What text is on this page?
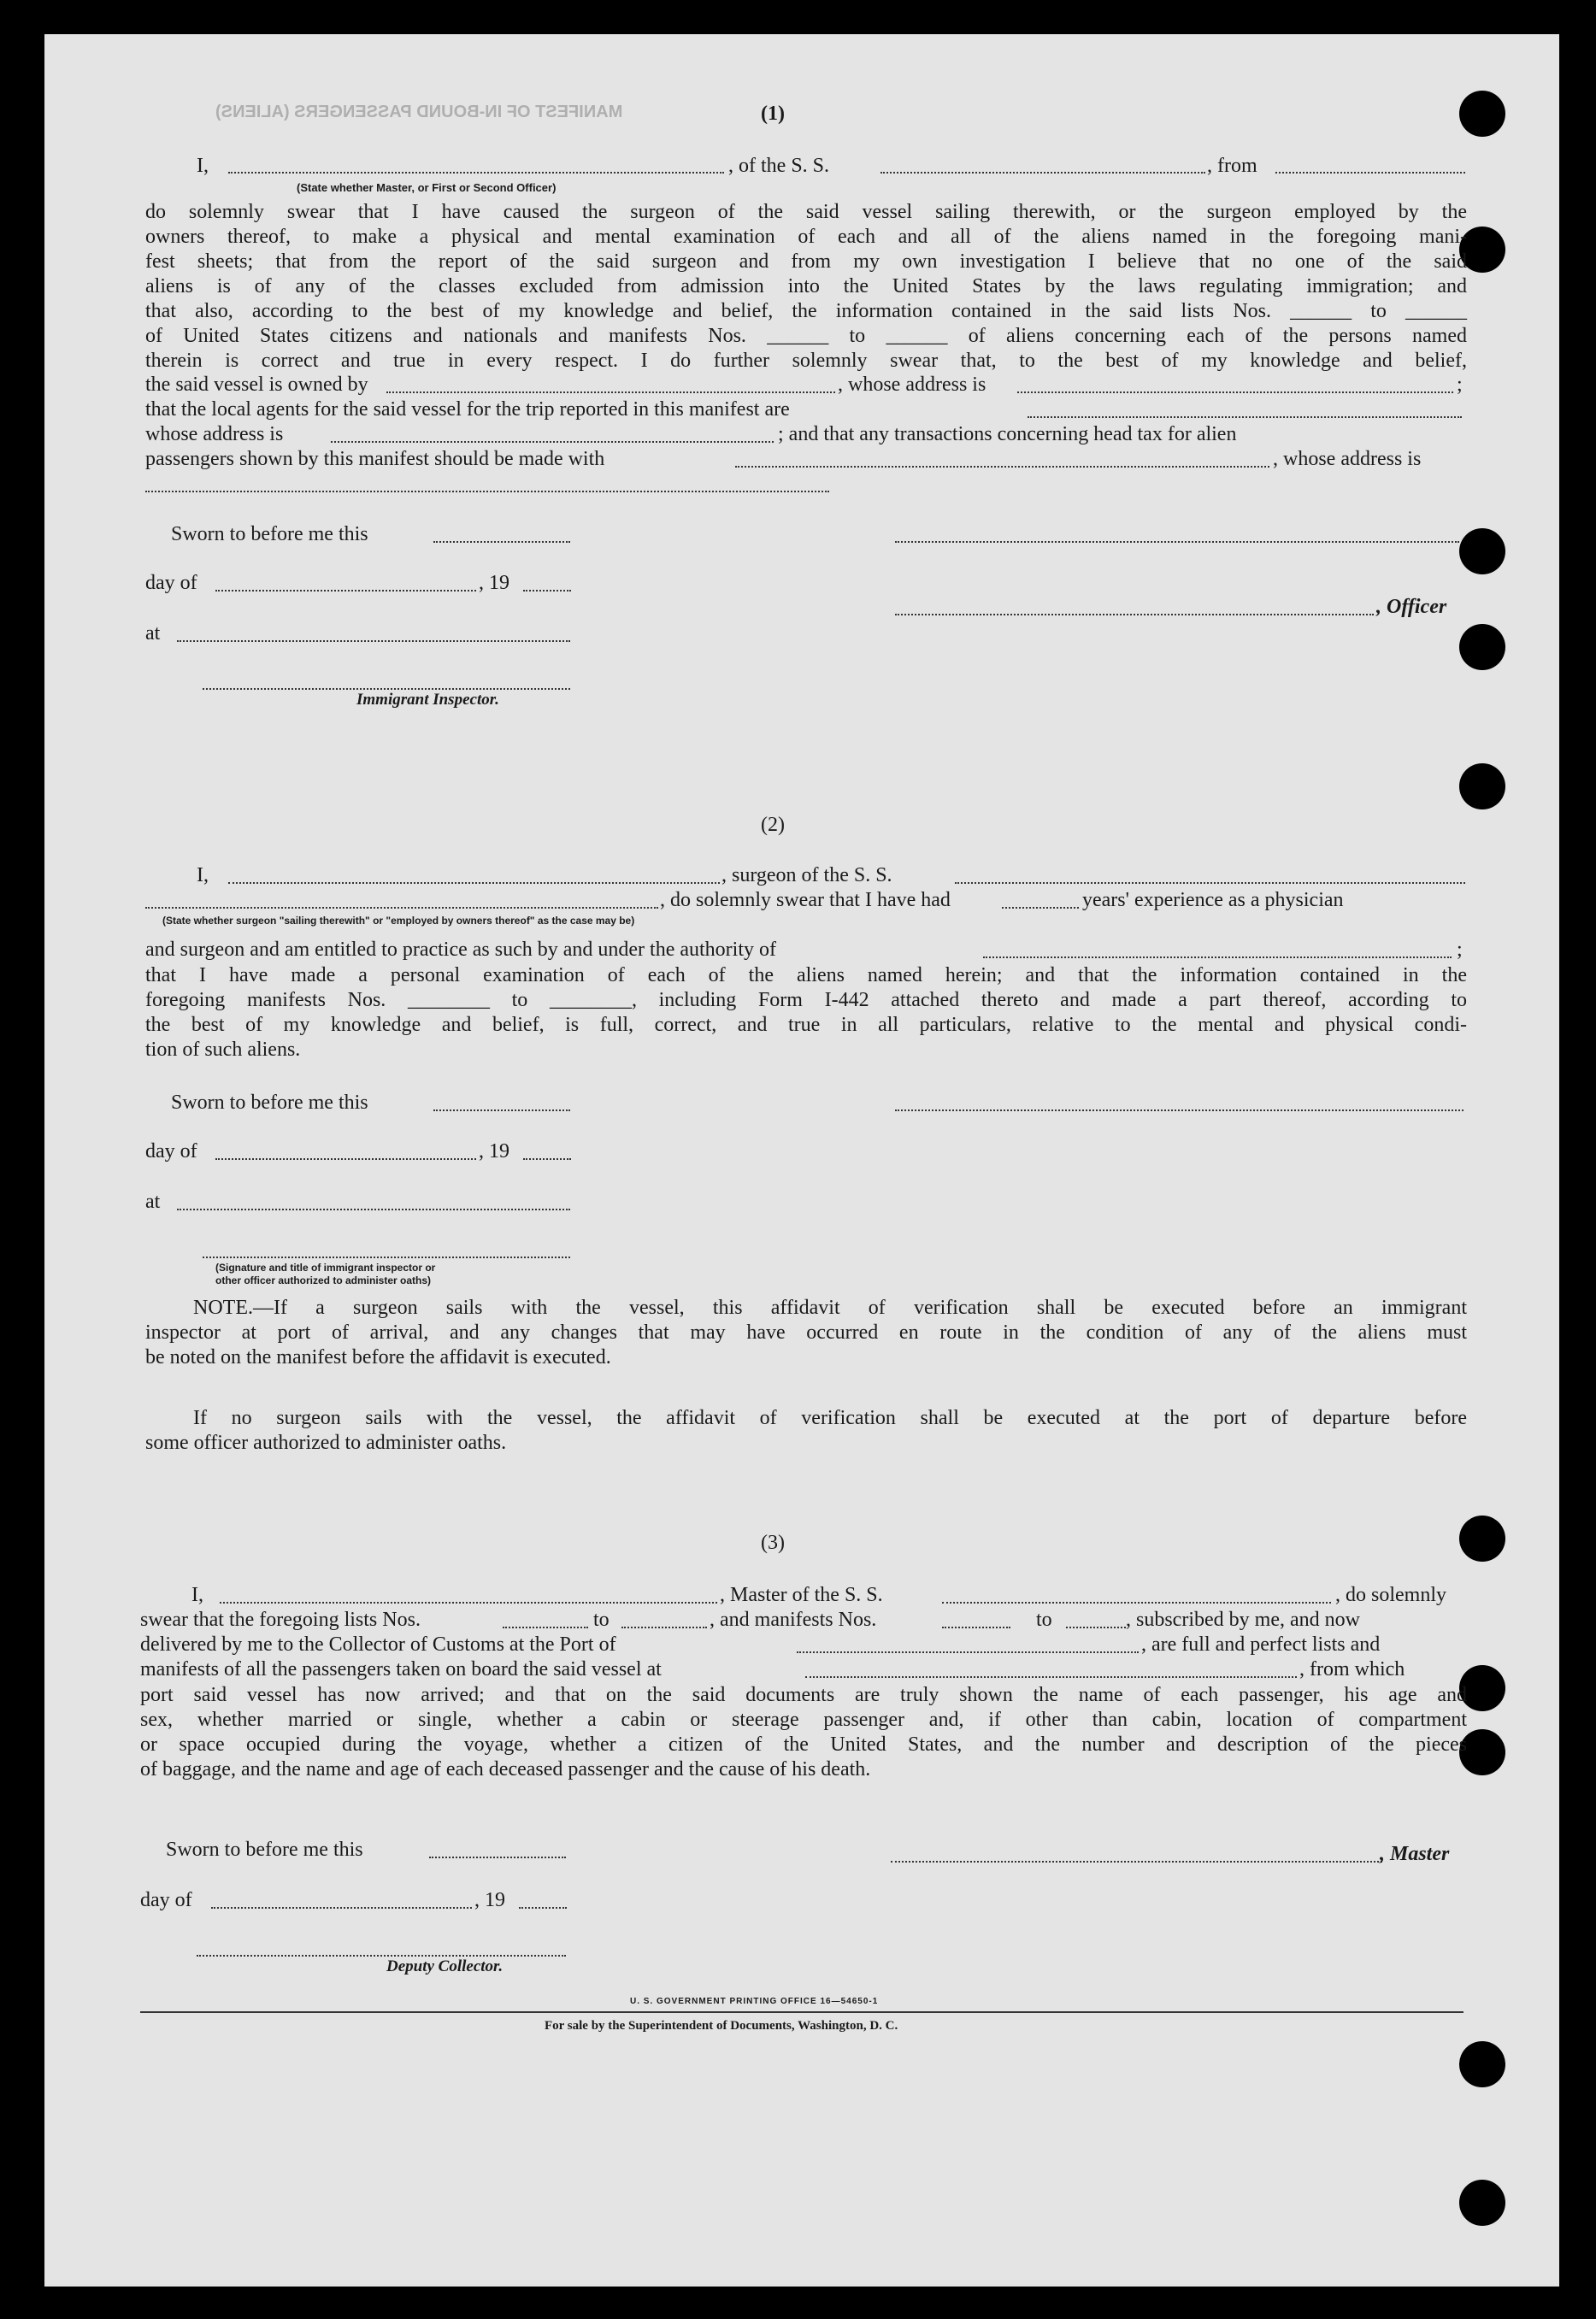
MANIFEST OF IN-BOUND PASSENGERS (ALIENS)	(1)
I,	, of the S. S.	, from
(State whether Master, or First or Second Officer)
do solemnly swear that I have caused the surgeon of the said vessel sailing therewith, or the surgeon employed by the
owners thereof, to make a physical and mental examination of each and all of the aliens named in the foregoing mani-
fest sheets; that from the report of the said surgeon and from my own investigation I believe that no one of the said
aliens is of any of the classes excluded from admission into the United States by the laws regulating immigration; and
that also, according to the best of my knowledge and belief, the information contained in the said lists Nos. ______ to ______
of United States citizens and nationals and manifests Nos. ______ to ______ of aliens concerning each of the persons named
therein is correct and true in every respect. I do further solemnly swear that, to the best of my knowledge and belief,
the said vessel is owned by	, whose address is	;
that the local agents for the said vessel for the trip reported in this manifest are
whose address is	; and that any transactions concerning head tax for alien
passengers shown by this manifest should be made with	, whose address is
Sworn to before me this
day of	, 19
, Officer
at
Immigrant Inspector.
(2)
I,	, surgeon of the S. S.
, do solemnly swear that I have had	years' experience as a physician
(State whether surgeon "sailing therewith" or "employed by owners thereof" as the case may be)
and surgeon and am entitled to practice as such by and under the authority of	;
that I have made a personal examination of each of the aliens named herein; and that the information contained in the
foregoing manifests Nos. ________ to ________, including Form I-442 attached thereto and made a part thereof, according to
the best of my knowledge and belief, is full, correct, and true in all particulars, relative to the mental and physical condi-
tion of such aliens.
Sworn to before me this
day of	, 19
at
(Signature and title of immigrant inspector or
other officer authorized to administer oaths)
NOTE.—If a surgeon sails with the vessel, this affidavit of verification shall be executed before an immigrant
inspector at port of arrival, and any changes that may have occurred en route in the condition of any of the aliens must
be noted on the manifest before the affidavit is executed.
If no surgeon sails with the vessel, the affidavit of verification shall be executed at the port of departure before
some officer authorized to administer oaths.
(3)
I,	, Master of the S. S.	, do solemnly
swear that the foregoing lists Nos.	to	, and manifests Nos.	to	, subscribed by me, and now
delivered by me to the Collector of Customs at the Port of	, are full and perfect lists and
manifests of all the passengers taken on board the said vessel at	, from which
port said vessel has now arrived; and that on the said documents are truly shown the name of each passenger, his age and
sex, whether married or single, whether a cabin or steerage passenger and, if other than cabin, location of compartment
or space occupied during the voyage, whether a citizen of the United States, and the number and description of the pieces
of baggage, and the name and age of each deceased passenger and the cause of his death.
Sworn to before me this	, Master
day of	, 19
Deputy Collector.
U. S. GOVERNMENT PRINTING OFFICE 16—54650-1
For sale by the Superintendent of Documents, Washington, D. C.
